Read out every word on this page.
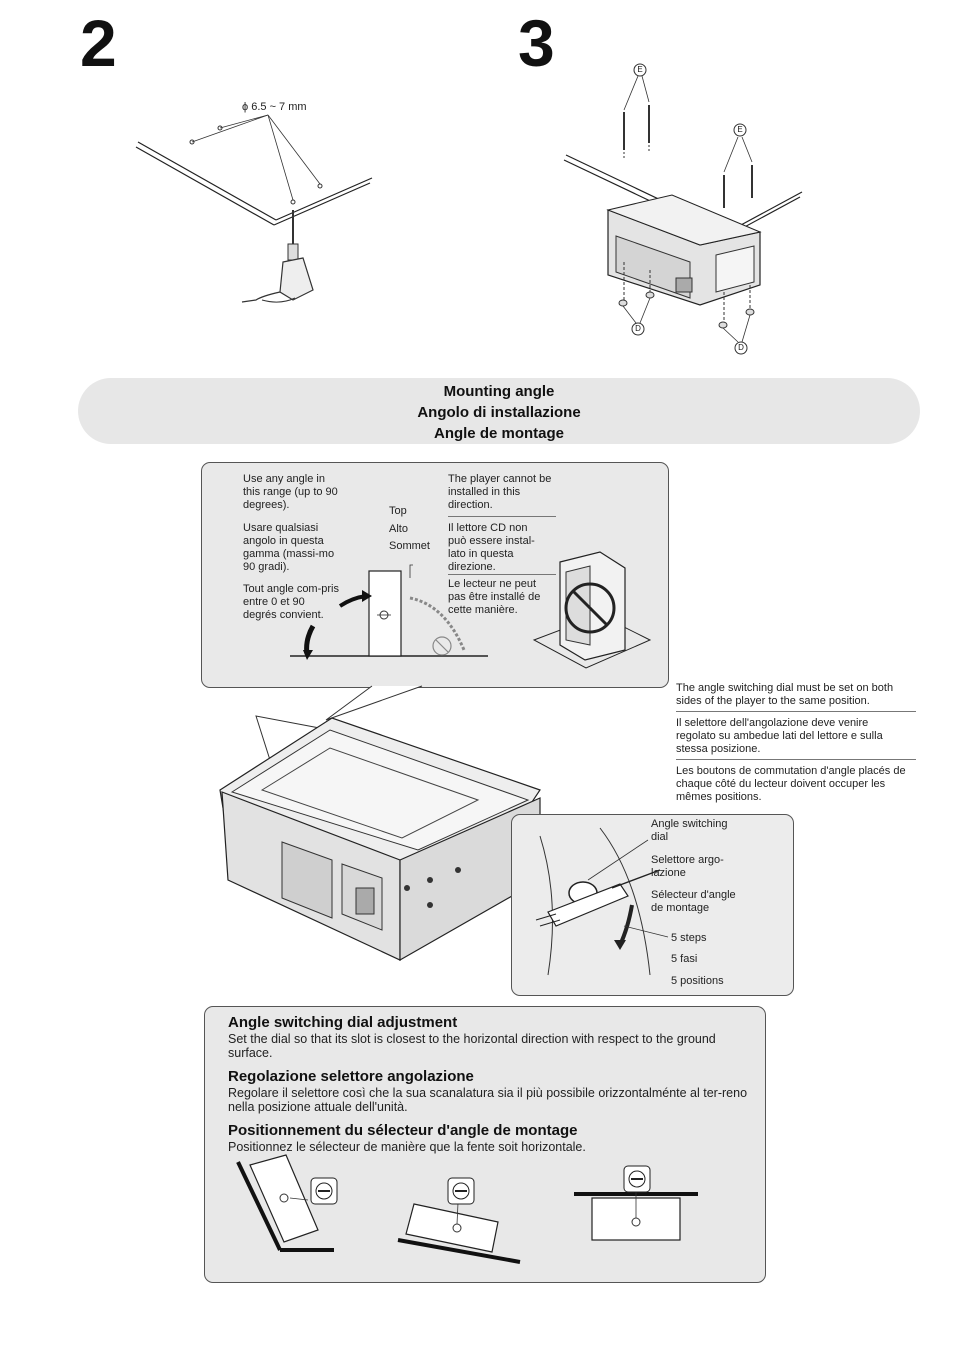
2	3
ϕ 6.5 ~ 7 mm
E
E
D
D
Mounting angle
Angolo di installazione
Angle de montage
Use any angle in this range (up to 90 degrees).
Usare qualsiasi angolo in questa gamma (massi-mo 90 gradi).
Tout angle com-pris entre 0 et 90 degrés convient.
Top
Alto
Sommet
The player cannot be installed in this direction.
Il lettore CD non può essere instal-lato in questa direzione.
Le lecteur ne peut pas être installé de cette manière.
The angle switching dial must be set on both sides of the player to the same position.
Il selettore dell'angolazione deve venire regolato su ambedue lati del lettore e sulla stessa posizione.
Les boutons de commutation d'angle placés de chaque côté du lecteur doivent occuper les mêmes positions.
Angle switching dial
Selettore argo-lazione
Sélecteur d'angle de montage
5 steps
5 fasi
5 positions
Angle switching dial adjustment
Set the dial so that its slot is closest to the horizontal direction with respect to the ground surface.
Regolazione selettore angolazione
Regolare il selettore così che la sua scanalatura sia il più possibile orizzontalménte al ter-reno nella posizione attuale dell'unità.
Positionnement du sélecteur d'angle de montage
Positionnez le sélecteur de manière que la fente soit horizontale.
